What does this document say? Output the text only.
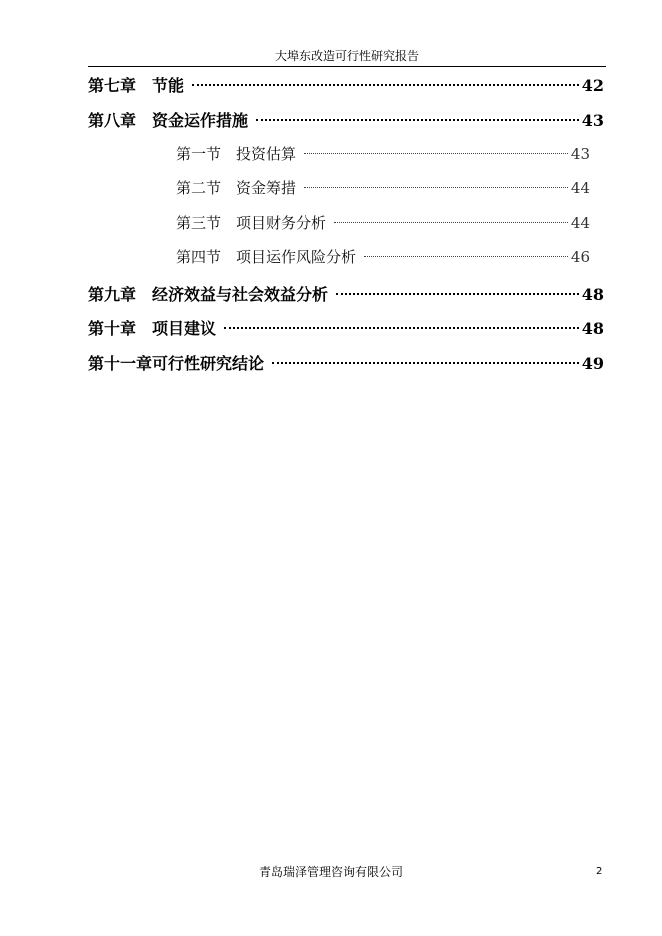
大埠东改造可行性研究报告
第七章　节能	42
第八章　资金运作措施	43
第一节　投资估算	43
第二节　资金筹措	44
第三节　项目财务分析	44
第四节　项目运作风险分析	46
第九章　经济效益与社会效益分析	48
第十章　项目建议	48
第十一章可行性研究结论	49
青岛瑞泽管理咨询有限公司	2
